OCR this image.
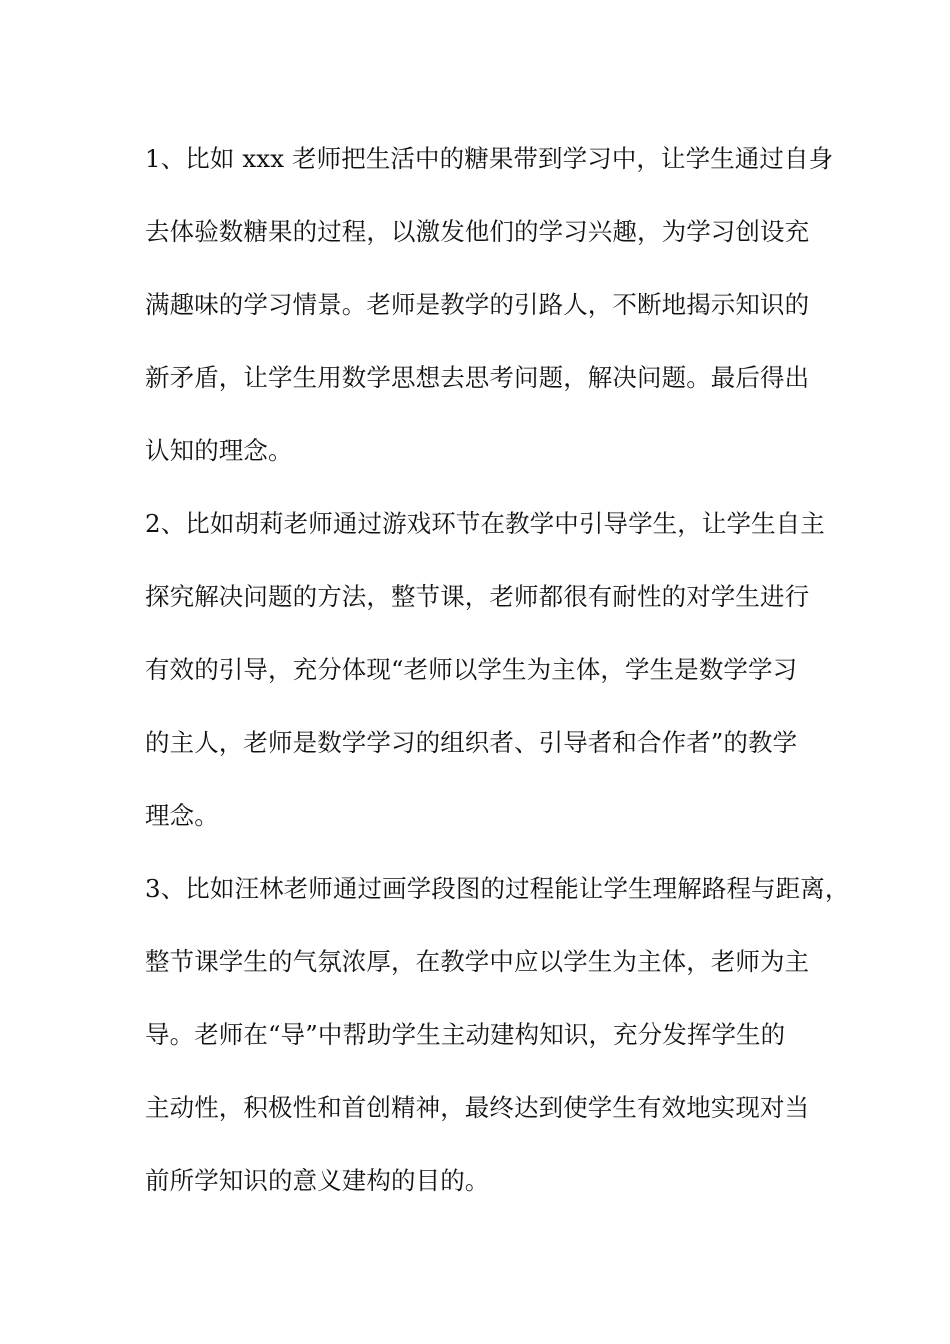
1、比如 xxx 老师把生活中的糖果带到学习中，让学生通过自身
去体验数糖果的过程，以激发他们的学习兴趣，为学习创设充
满趣味的学习情景。老师是教学的引路人，不断地揭示知识的
新矛盾，让学生用数学思想去思考问题，解决问题。最后得出
认知的理念。
2、比如胡莉老师通过游戏环节在教学中引导学生，让学生自主
探究解决问题的方法，整节课，老师都很有耐性的对学生进行
有效的引导，充分体现“老师以学生为主体，学生是数学学习
的主人，老师是数学学习的组织者、引导者和合作者”的教学
理念。
3、比如汪林老师通过画学段图的过程能让学生理解路程与距离，
整节课学生的气氛浓厚，在教学中应以学生为主体，老师为主
导。老师在“导”中帮助学生主动建构知识，充分发挥学生的
主动性，积极性和首创精神，最终达到使学生有效地实现对当
前所学知识的意义建构的目的。
